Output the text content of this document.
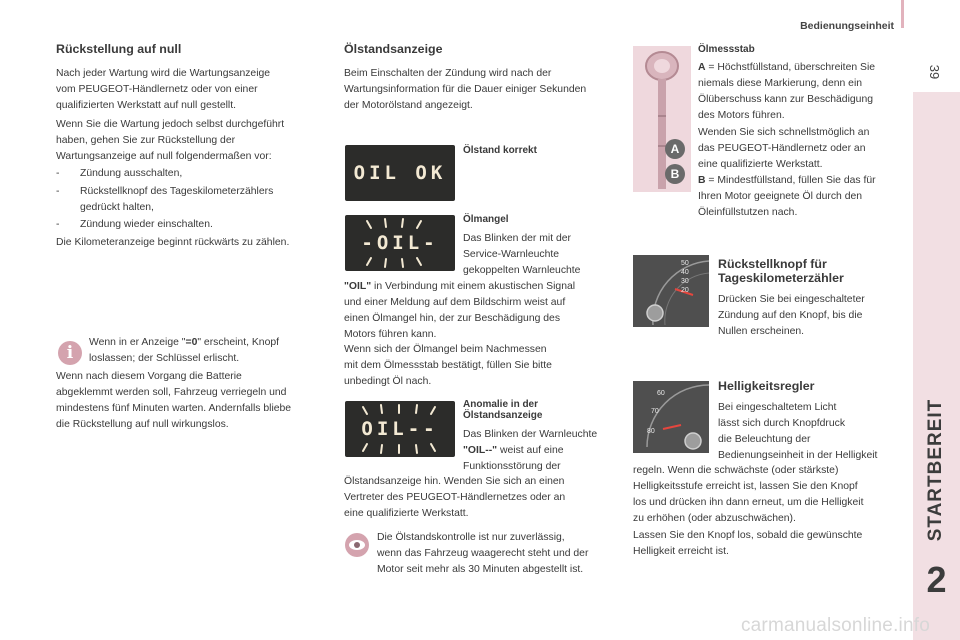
Bedienungseinheit
39
STARTBEREIT
2
Rückstellung auf null
Nach jeder Wartung wird die Wartungsanzeige
vom PEUGEOT-Händlernetz oder von einer
qualifizierten Werkstatt auf null gestellt.
Wenn Sie die Wartung jedoch selbst durchgeführt
haben, gehen Sie zur Rückstellung der
Wartungsanzeige auf null folgendermaßen vor:
- Zündung ausschalten,
- Rückstellknopf des Tageskilometerzählers
gedrückt halten,
- Zündung wieder einschalten.
Die Kilometeranzeige beginnt rückwärts zu zählen.
i
Wenn in er Anzeige "=0" erscheint, Knopf
loslassen; der Schlüssel erlischt.
Wenn nach diesem Vorgang die Batterie
abgeklemmt werden soll, Fahrzeug verriegeln und
mindestens fünf Minuten warten. Andernfalls bliebe
die Rückstellung auf null wirkungslos.
Ölstandsanzeige
Beim Einschalten der Zündung wird nach der
Wartungsinformation für die Dauer einiger Sekunden
der Motorölstand angezeigt.
OIL OK
Ölstand korrekt
-OIL-
Ölmangel
Das Blinken der mit der
Service-Warnleuchte
gekoppelten Warnleuchte
"OIL" in Verbindung mit einem akustischen Signal
und einer Meldung auf dem Bildschirm weist auf
einen Ölmangel hin, der zur Beschädigung des
Motors führen kann.
Wenn sich der Ölmangel beim Nachmessen
mit dem Ölmessstab bestätigt, füllen Sie bitte
unbedingt Öl nach.
OIL--
Anomalie in der
Ölstandsanzeige
Das Blinken der Warnleuchte
"OIL--" weist auf eine
Funktionsstörung der
Ölstandsanzeige hin. Wenden Sie sich an einen
Vertreter des PEUGEOT-Händlernetzes oder an
eine qualifizierte Werkstatt.
Die Ölstandskontrolle ist nur zuverlässig,
wenn das Fahrzeug waagerecht steht und der
Motor seit mehr als 30 Minuten abgestellt ist.
A
B
Ölmessstab
A = Höchstfüllstand, überschreiten Sie
niemals diese Markierung, denn ein
Ölüberschuss kann zur Beschädigung
des Motors führen.
Wenden Sie sich schnellstmöglich an
das PEUGEOT-Händlernetz oder an
eine qualifizierte Werkstatt.
B = Mindestfüllstand, füllen Sie das für
Ihren Motor geeignete Öl durch den
Öleinfüllstutzen nach.
50
40
30
20
Rückstellknopf für
Tageskilometerzähler
Drücken Sie bei eingeschalteter
Zündung auf den Knopf, bis die
Nullen erscheinen.
60
70
80
Helligkeitsregler
Bei eingeschaltetem Licht
lässt sich durch Knopfdruck
die Beleuchtung der
Bedienungseinheit in der Helligkeit
regeln. Wenn die schwächste (oder stärkste)
Helligkeitsstufe erreicht ist, lassen Sie den Knopf
los und drücken ihn dann erneut, um die Helligkeit
zu erhöhen (oder abzuschwächen).
Lassen Sie den Knopf los, sobald die gewünschte
Helligkeit erreicht ist.
carmanualsonline.info
